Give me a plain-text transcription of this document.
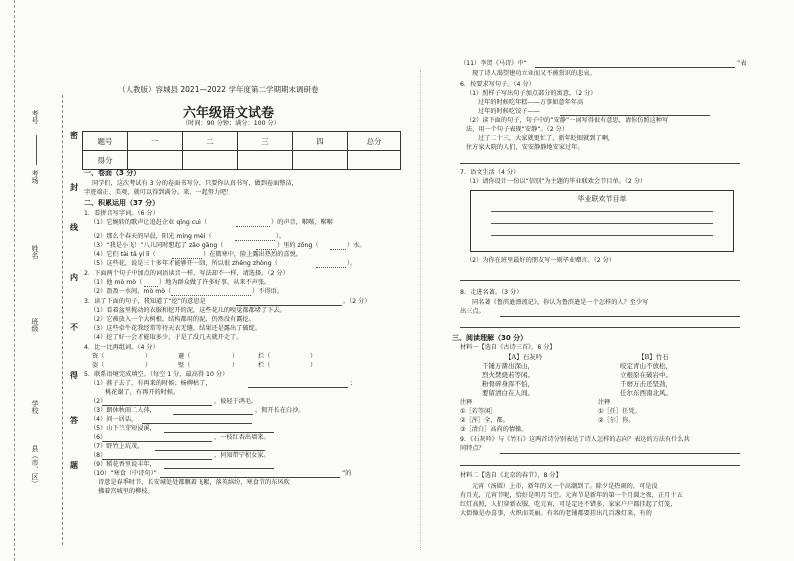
考号
考场
姓名
班级
学校
县（市、区）
密
封
线
内
不
得
答
题
（人教版）容城县 2021—2022 学年度第二学期期末调研卷
六年级语文试卷
（时间：90 分钟；满分：100 分）
题号	一	二	三	四	总分
得分					
一、卷面（3 分）
同学们，这次考试有 3 分的卷面书写分，只要你认真书写，做到卷面整洁，
字迹端正、美观，就可以得到满分。来，一起努力吧！
二、积累运用（37 分）
1．看拼音写字词。（6 分）
（1）它婉转的歌声让追赶企业 qīng cuì（	）的声音，啭啭，啭啭
（2）那么个春天的早晨，阳光 míng mèi（	）。
（3）“我是小飞！”八儿同时想起了 zǎo gāng（	）里的 zōng（	）水。
（4）它们 tài tā yí lì（	）在微寒中，险上露出热烈的喜悦。
（5）这些花，说是三十多年才能够开一回，所以很 zhēng zhòng（	）。
2．下面两个句子中加点的词语读音一样，写法却不一样，请选择。（2 分）
（1）他 mò mò（	）地为群众做了许多好事，从来不声张。
（2）盈盈一水间，mò mò（	）不得语。
3．读了下面的句子，我知道了“挖”的意思是	。（2 分）
（1）看着盆里搅动的衣服和挖开的泥，这些花儿的嗅觉都都堵了下去。
（2）它被放入一个大树根，结构都用的泥，仍然没有露挖。
（3）这些牵牛花我经常等待天衣无缝，结果还是露出了破绽。
（4）挖了好一会才能取多少，于是了没几天就开走了。
4．比一比再组词。（4 分）
资（	）	避（	）	拦（	）
姿（	）	壁（	）	栏（	）
5．联系语境完成填空。（每空 1 分，最高得 10 分）
（1）燕子去了，有再来的时候；杨柳枯了，	；
桃花谢了，有再开的时候。
（2）	，彼轻于鸿毛。
（3）朗休秋雨二人萍，	，佣开长在白沙。
（4）问一居话，
（5）山下兰芽短浸溪，
（6）	，一枝红杏出墙来。
（7）野竹上坑茂，
（8）	，何知带宁积女家。
（9）稻花香里说丰年，
（10）“寒食（中诗句）”	”的
诗意是春季时节，长安城处处都飘着飞絮，落英缤纷，寒食节的东风吹
拂着宫城里的柳枝。
（11）李贺《马诗》中“	”表
现了诗人渴望建功立业而又不被赏识的悲哀。
6．按要求写句子。（4 分）
（1）照样子写出句子加点部分的寓意。（2 分）
过年的时候吃年糕——万事如意年年高
过年的时候吃饺子——
（2）读下面的句子，句子中的“安静”一词写得很有意思，请你仿照这种写
法，用一个句子表现“安静”。（2 分）
过了二十三，大家就更忙了，新年眨眼就到了啊，
住方家大院的人们，安安静静地安家过年。
7．语文生活（4 分）
（1）请你设计一份以“信别”为主题的毕业联欢会节目单。（2 分）
毕业联欢节目单
（2）为你在班里最好的朋友写一则毕业赠言。（2 分）
8．走进名著。（3 分）
同名著《鲁滨逊漂流记》，你认为鲁滨逊是一个怎样的人？至少写
出三点。
三、阅读理解（30 分）
材料一【选自《古诗三首》，6 分】
【A】石灰吟
千锤万凿出深山，
烈火焚烧若等闲。
粉骨碎身浑不怕，
要留清白在人间。
【B】竹石
咬定青山不放松，
立根原在破岩中。
千磨万击还坚劲，
任尔东西南北风。
注释
①［若等闲］
②［浑］全，都。
③［清白］高尚的情操。
注释
①［任］任凭。
②［尔］你。
9．《石灰吟》与《竹石》这两首诗分别表达了诗人怎样的志向？表达的方法有什么共
同特点？
材料二【选自《北京的春节》，8 分】
元宵（汤圆）上市，新年的又一个高潮到了。除夕是热闹的，可是没
有月光，元宵节呢，恰好是明月当空。元宵节是新年的第一个月圆之夜，正月十五
红灯高照，人们穿新衣服，吃元宵，可是定还不错多，家家户户都挂起了灯笼，
大街像是办喜事，火炽而美丽。有名的老铺都要挂出几百盏灯来，有的
